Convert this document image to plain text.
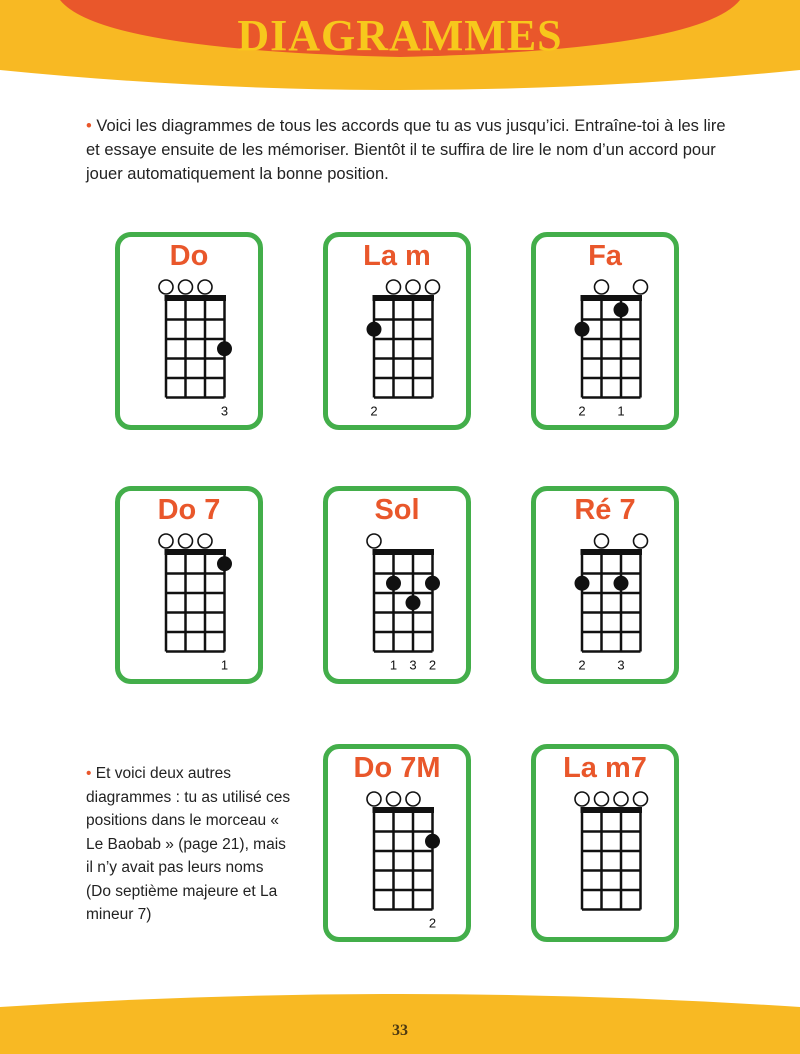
DIAGRAMMES
• Voici les diagrammes de tous les accords que tu as vus jusqu’ici. Entraîne-toi à les lire et essaye ensuite de les mémoriser. Bientôt il te suffira de lire le nom d’un accord pour jouer automatiquement la bonne position.
• Et voici deux autres diagrammes : tu as utilisé ces positions dans le morceau « Le Baobab » (page 21), mais il n’y avait pas leurs noms (Do septième majeure et La mineur 7)
Do
3
La m
2
Fa
2 1
Do 7
1
Sol
1 3 2
Ré 7
2 3
Do 7M
2
La m7
33
